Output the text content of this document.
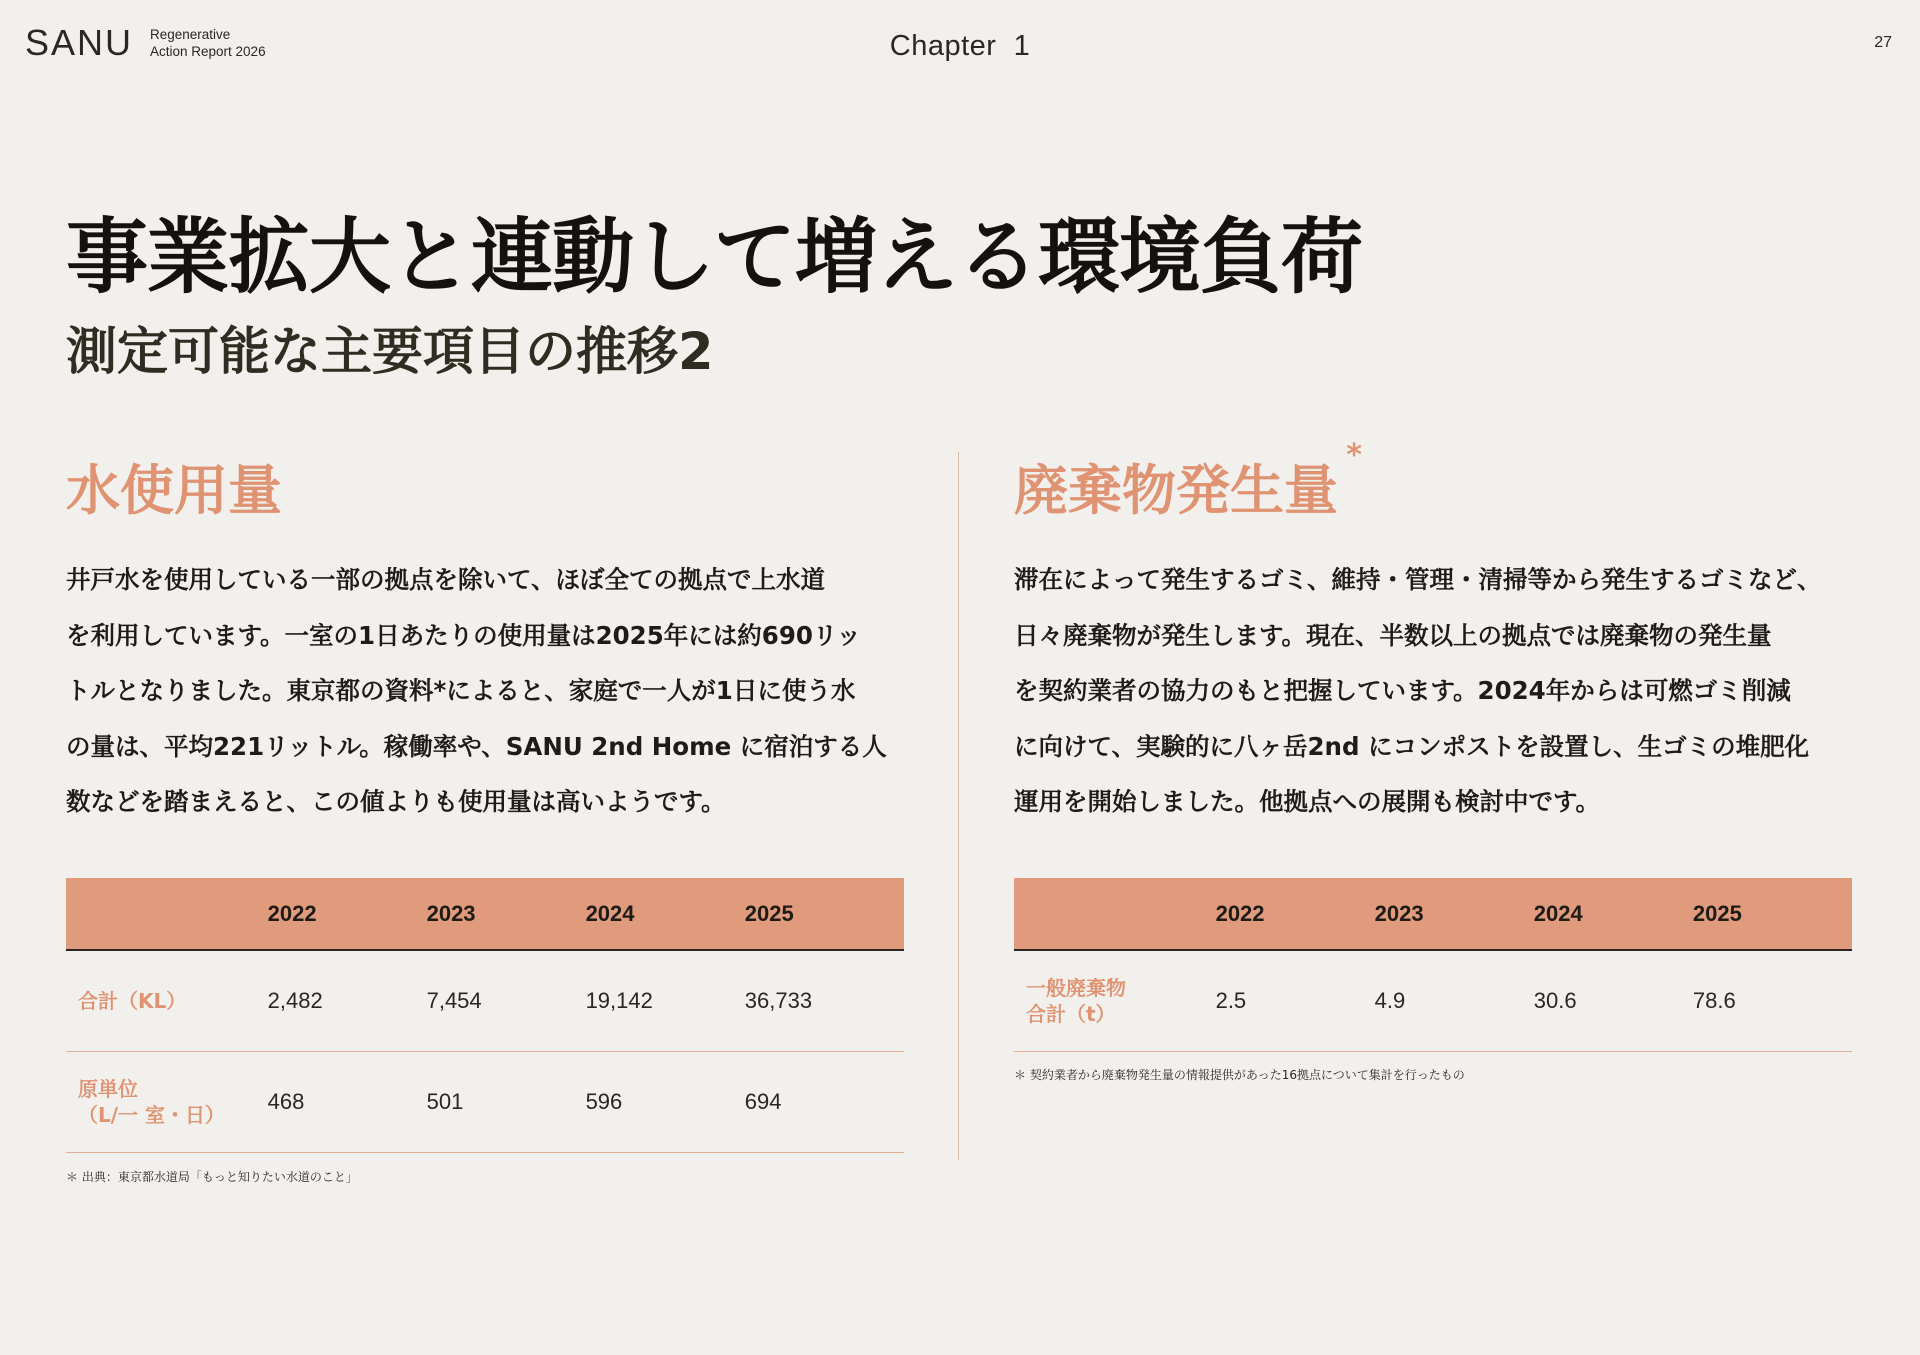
SANU Regenerative
Action Report 2026	Chapter  1	27
事業拡大と連動して増える環境負荷
測定可能な主要項目の推移2
水使用量
井戸水を使用している一部の拠点を除いて、ほぼ全ての拠点で上水道
を利用しています。一室の1日あたりの使用量は2025年には約690リッ
トルとなりました。東京都の資料*によると、家庭で一人が1日に使う水
の量は、平均221リットル。稼働率や、SANU 2nd Home に宿泊する人
数などを踏まえると、この値よりも使用量は高いようです。
	2022	2023	2024	2025
合計（KL）	2,482	7,454	19,142	36,733
原単位
（L/一 室・日）	468	501	596	694
＊ 出典：東京都水道局「もっと知りたい水道のこと」
廃棄物発生量
*
滞在によって発生するゴミ、維持・管理・清掃等から発生するゴミなど、
日々廃棄物が発生します。現在、半数以上の拠点では廃棄物の発生量
を契約業者の協力のもと把握しています。2024年からは可燃ゴミ削減
に向けて、実験的に八ヶ岳2nd にコンポストを設置し、生ゴミの堆肥化
運用を開始しました。他拠点への展開も検討中です。
	2022	2023	2024	2025
一般廃棄物
合計（t）	2.5	4.9	30.6	78.6
＊ 契約業者から廃棄物発生量の情報提供があった16拠点について集計を行ったもの
